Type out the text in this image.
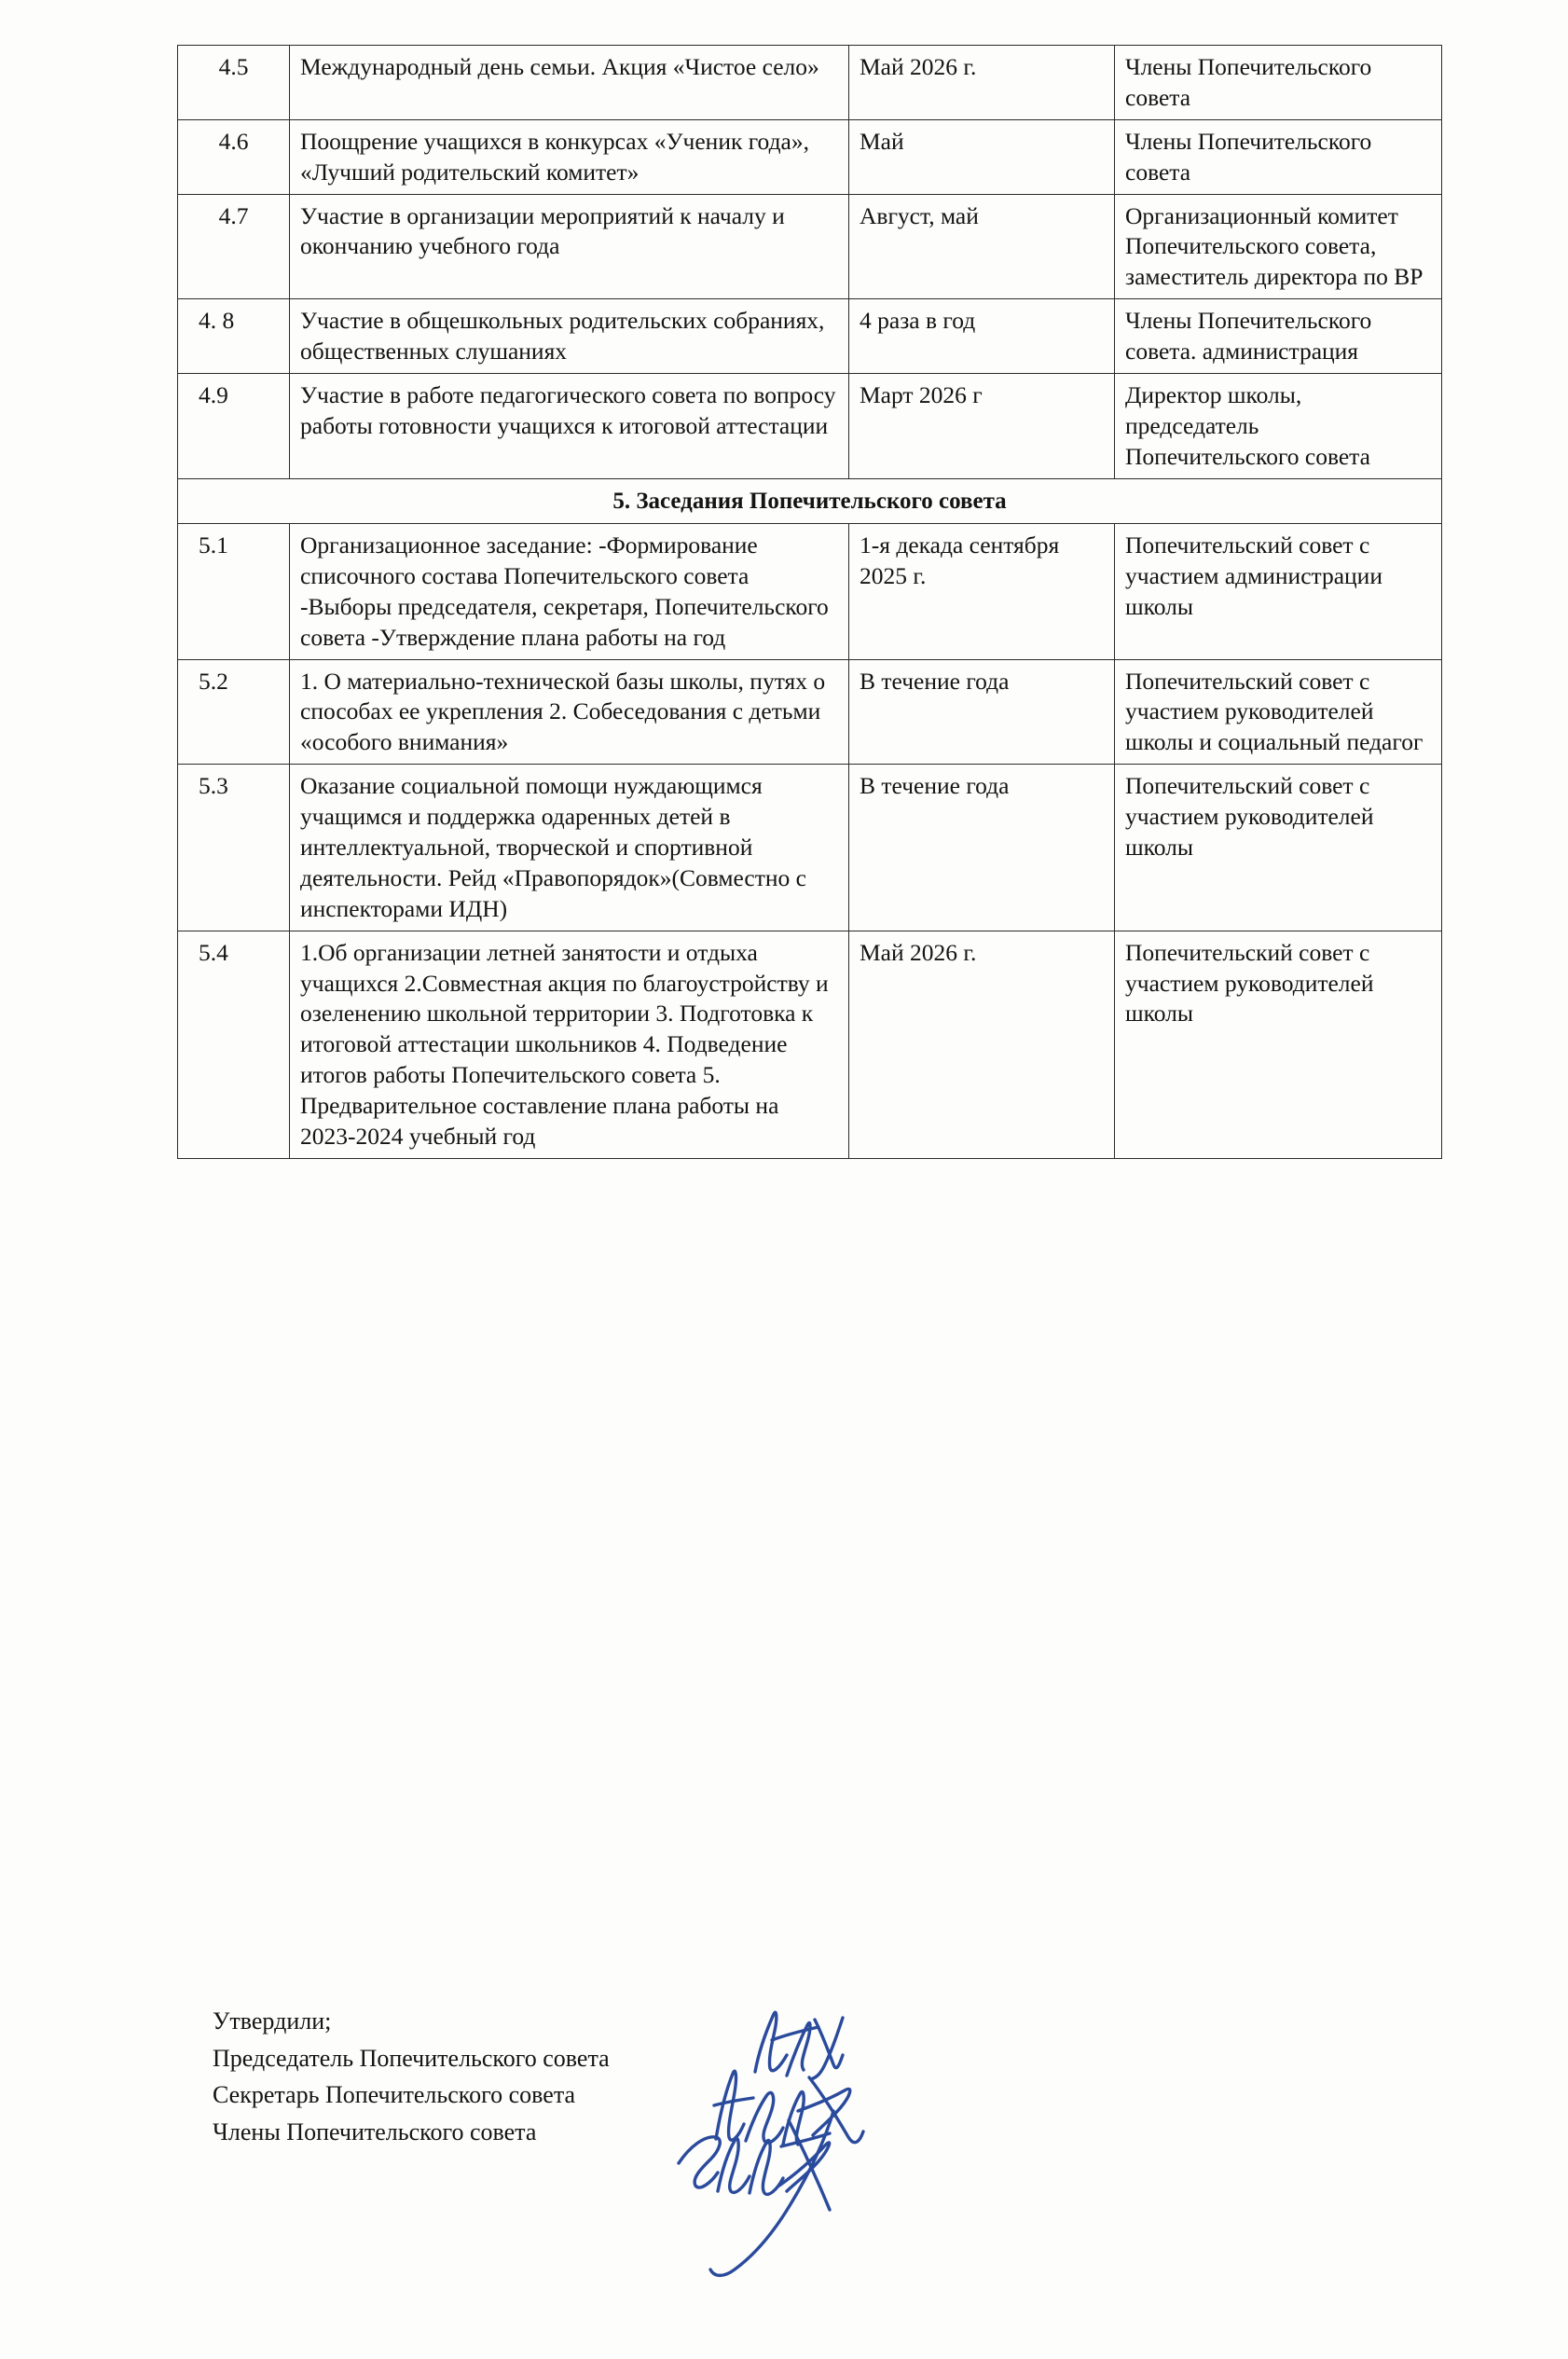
4.5	Международный день семьи. Акция «Чистое село»	Май 2026 г.	Члены Попечительского совета
4.6	Поощрение учащихся в конкурсах «Ученик года», «Лучший родительский комитет»	Май	Члены Попечительского совета
4.7	Участие в организации мероприятий к началу и окончанию учебного года	Август, май	Организационный комитет Попечительского совета, заместитель директора по ВР
4. 8	Участие в общешкольных родительских собраниях, общественных слушаниях	4 раза в год	Члены Попечительского совета. администрация
4.9	Участие в работе педагогического совета по вопросу работы готовности учащихся к итоговой аттестации	Март 2026 г	Директор школы, председатель Попечительского совета
5. Заседания Попечительского совета			
5.1	Организационное заседание: -Формирование списочного состава Попечительского совета -Выборы председателя, секретаря, Попечительского совета -Утверждение плана работы на год	1-я декада сентября 2025 г.	Попечительский совет с участием администрации школы
5.2	1. О материально-технической базы школы, путях о способах ее укрепления 2. Собеседования с детьми «особого внимания»	В течение года	Попечительский совет с участием руководителей школы и социальный педагог
5.3	Оказание социальной помощи нуждающимся учащимся и поддержка одаренных детей в интеллектуальной, творческой и спортивной деятельности. Рейд «Правопорядок»(Совместно с инспекторами ИДН)	В течение года	Попечительский совет с участием руководителей школы
5.4	1.Об организации летней занятости и отдыха учащихся 2.Совместная акция по благоустройству и озеленению школьной территории 3. Подготовка к итоговой аттестации школьников 4. Подведение итогов работы Попечительского совета 5. Предварительное составление плана работы на 2023-2024 учебный год	Май 2026 г.	Попечительский совет с участием руководителей школы
Утвердили;
Председатель Попечительского совета
Секретарь Попечительского совета
Члены Попечительского совета
